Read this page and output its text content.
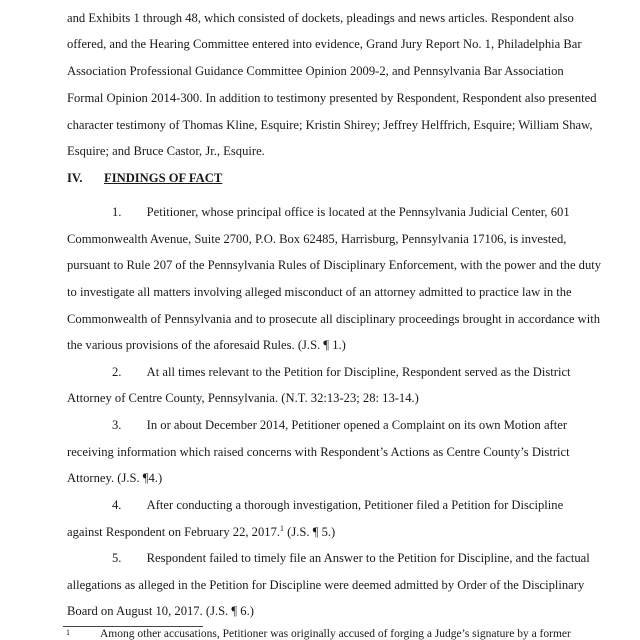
and Exhibits 1 through 48, which consisted of dockets, pleadings and news articles. Respondent also
offered, and the Hearing Committee entered into evidence, Grand Jury Report No. 1, Philadelphia Bar
Association Professional Guidance Committee Opinion 2009-2, and Pennsylvania Bar Association
Formal Opinion 2014-300. In addition to testimony presented by Respondent, Respondent also presented
character testimony of Thomas Kline, Esquire; Kristin Shirey; Jeffrey Helffrich, Esquire; William Shaw,
Esquire; and Bruce Castor, Jr., Esquire.
IV. FINDINGS OF FACT
1.  Petitioner, whose principal office is located at the Pennsylvania Judicial Center, 601
Commonwealth Avenue, Suite 2700, P.O. Box 62485, Harrisburg, Pennsylvania 17106, is invested,
pursuant to Rule 207 of the Pennsylvania Rules of Disciplinary Enforcement, with the power and the duty
to investigate all matters involving alleged misconduct of an attorney admitted to practice law in the
Commonwealth of Pennsylvania and to prosecute all disciplinary proceedings brought in accordance with
the various provisions of the aforesaid Rules. (J.S. ¶ 1.)
2.  At all times relevant to the Petition for Discipline, Respondent served as the District
Attorney of Centre County, Pennsylvania. (N.T. 32:13-23; 28: 13-14.)
3.  In or about December 2014, Petitioner opened a Complaint on its own Motion after
receiving information which raised concerns with Respondent’s Actions as Centre County’s District
Attorney. (J.S. ¶4.)
4.  After conducting a thorough investigation, Petitioner filed a Petition for Discipline
against Respondent on February 22, 2017.$^1$ (J.S. ¶ 5.)
5.  Respondent failed to timely file an Answer to the Petition for Discipline, and the factual
allegations as alleged in the Petition for Discipline were deemed admitted by Order of the Disciplinary
Board on August 10, 2017. (J.S. ¶ 6.)
1	Among other accusations, Petitioner was originally accused of forging a Judge’s signature by a former
